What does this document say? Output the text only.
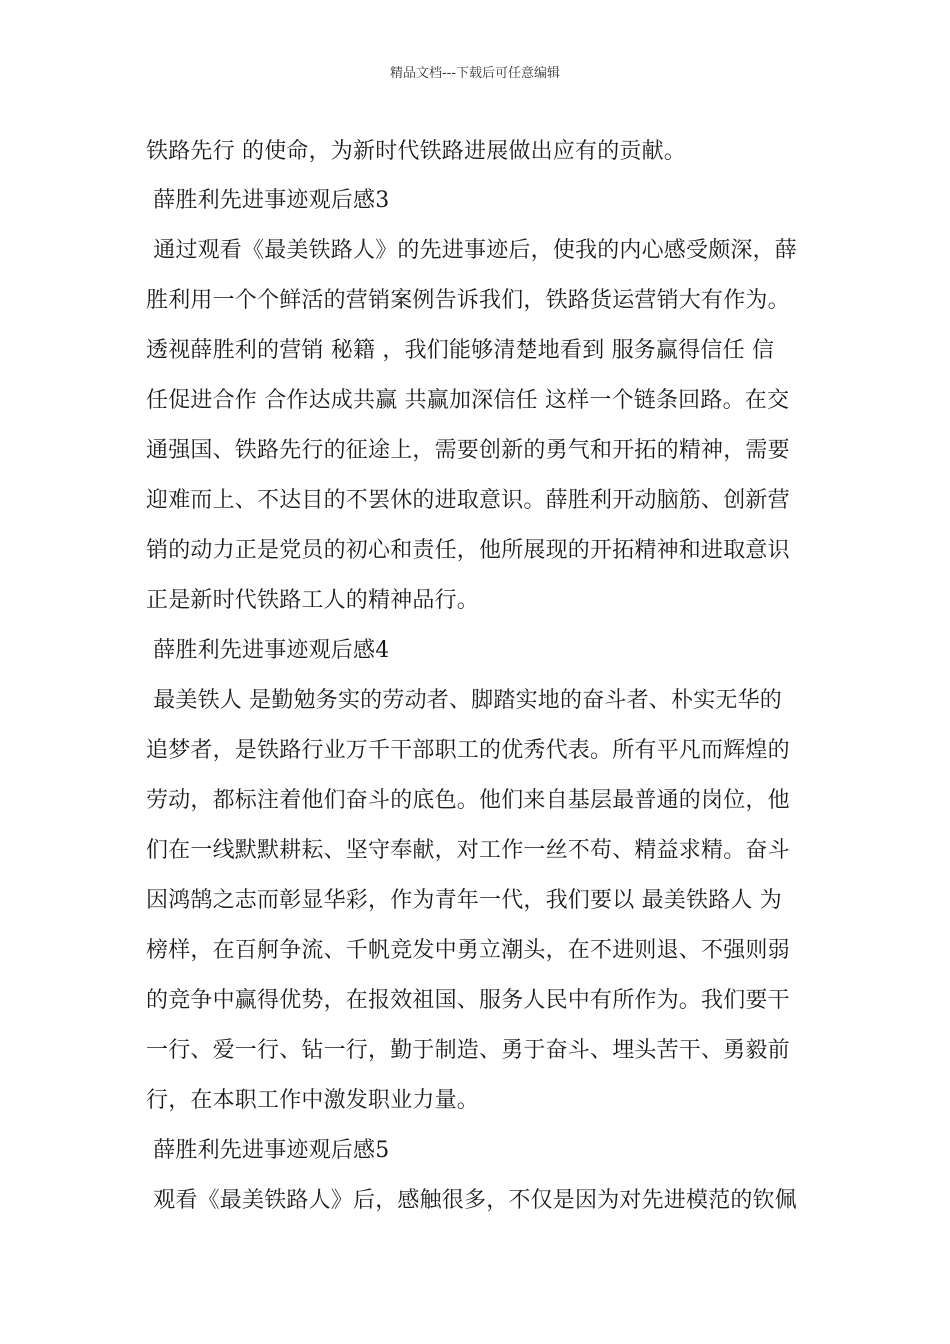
精品文档---下载后可任意编辑
铁路先行 的使命，为新时代铁路进展做出应有的贡献。
薛胜利先进事迹观后感3
通过观看《最美铁路人》的先进事迹后，使我的内心感受颇深，薛
胜利用一个个鲜活的营销案例告诉我们，铁路货运营销大有作为。
透视薛胜利的营销 秘籍 ，我们能够清楚地看到 服务赢得信任 信
任促进合作 合作达成共赢 共赢加深信任 这样一个链条回路。在交
通强国、铁路先行的征途上，需要创新的勇气和开拓的精神，需要
迎难而上、不达目的不罢休的进取意识。薛胜利开动脑筋、创新营
销的动力正是党员的初心和责任，他所展现的开拓精神和进取意识
正是新时代铁路工人的精神品行。
薛胜利先进事迹观后感4
最美铁人 是勤勉务实的劳动者、脚踏实地的奋斗者、朴实无华的
追梦者，是铁路行业万千干部职工的优秀代表。所有平凡而辉煌的
劳动，都标注着他们奋斗的底色。他们来自基层最普通的岗位，他
们在一线默默耕耘、坚守奉献，对工作一丝不苟、精益求精。奋斗
因鸿鹄之志而彰显华彩，作为青年一代，我们要以 最美铁路人 为
榜样，在百舸争流、千帆竞发中勇立潮头，在不进则退、不强则弱
的竞争中赢得优势，在报效祖国、服务人民中有所作为。我们要干
一行、爱一行、钻一行，勤于制造、勇于奋斗、埋头苦干、勇毅前
行，在本职工作中激发职业力量。
薛胜利先进事迹观后感5
观看《最美铁路人》后，感触很多，不仅是因为对先进模范的钦佩
